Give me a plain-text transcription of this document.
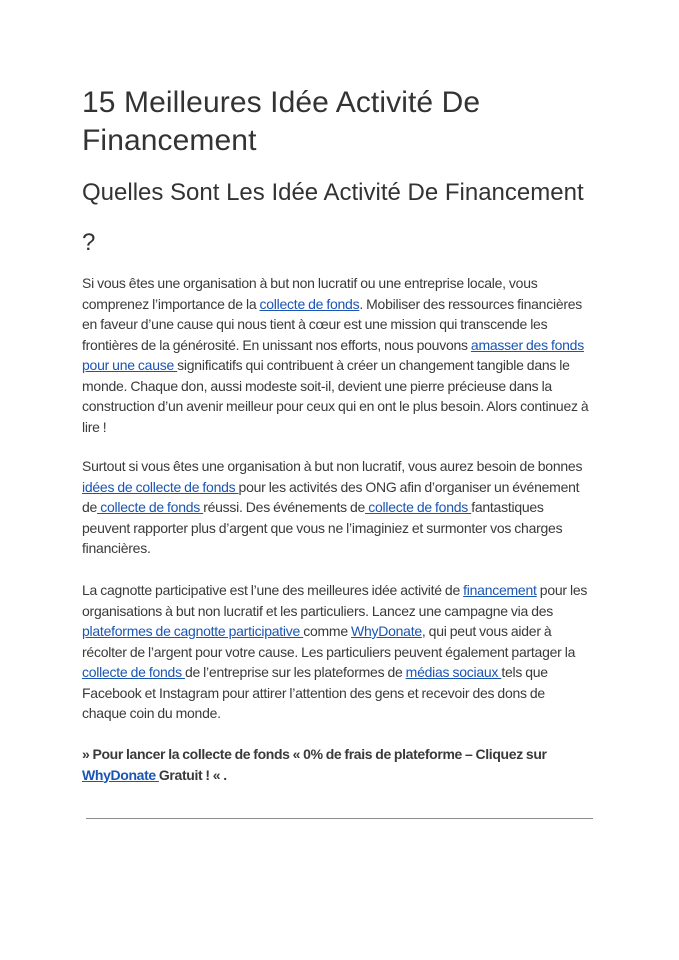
15 Meilleures Idée Activité De Financement
Quelles Sont Les Idée Activité De Financement ?

Si vous êtes une organisation à but non lucratif ou une entreprise locale, vous comprenez l’importance de la collecte de fonds. Mobiliser des ressources financières en faveur d’une cause qui nous tient à cœur est une mission qui transcende les frontières de la générosité. En unissant nos efforts, nous pouvons amasser des fonds pour une cause significatifs qui contribuent à créer un changement tangible dans le monde. Chaque don, aussi modeste soit-il, devient une pierre précieuse dans la construction d’un avenir meilleur pour ceux qui en ont le plus besoin. Alors continuez à lire !

Surtout si vous êtes une organisation à but non lucratif, vous aurez besoin de bonnes idées de collecte de fonds pour les activités des ONG afin d’organiser un événement de collecte de fonds réussi. Des événements de collecte de fonds fantastiques peuvent rapporter plus d’argent que vous ne l’imaginiez et surmonter vos charges financières.

La cagnotte participative est l’une des meilleures idée activité de financement pour les organisations à but non lucratif et les particuliers. Lancez une campagne via des plateformes de cagnotte participative comme WhyDonate, qui peut vous aider à récolter de l’argent pour votre cause. Les particuliers peuvent également partager la collecte de fonds de l’entreprise sur les plateformes de médias sociaux tels que Facebook et Instagram pour attirer l’attention des gens et recevoir des dons de chaque coin du monde.

» Pour lancer la collecte de fonds « 0% de frais de plateforme – Cliquez sur WhyDonate Gratuit ! « .
